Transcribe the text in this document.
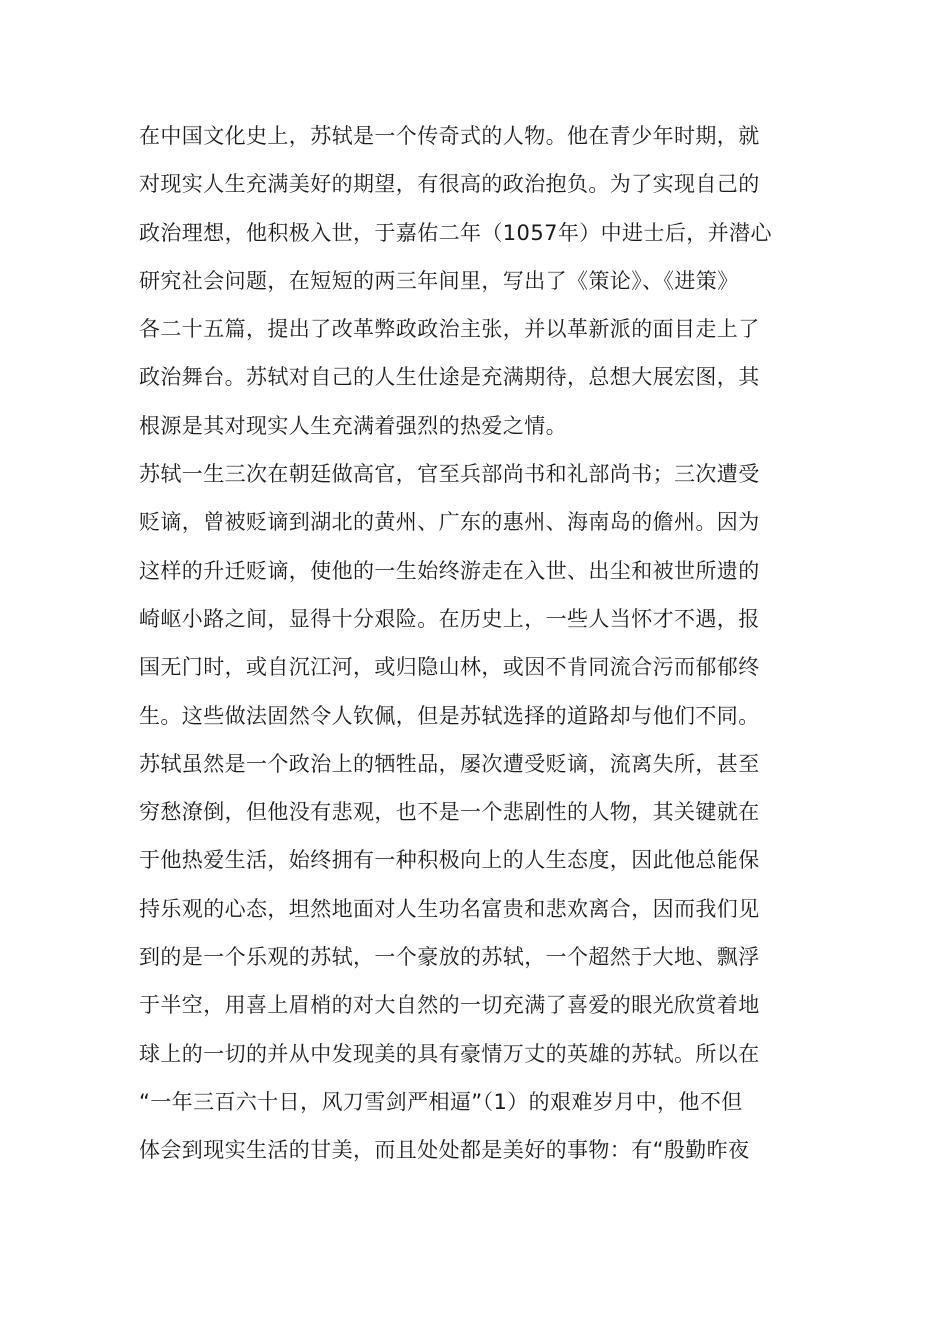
在中国文化史上，苏轼是一个传奇式的人物。他在青少年时期，就
对现实人生充满美好的期望，有很高的政治抱负。为了实现自己的
政治理想，他积极入世，于嘉佑二年（1057年）中进士后，并潜心
研究社会问题，在短短的两三年间里，写出了《策论》、《进策》
各二十五篇，提出了改革弊政政治主张，并以革新派的面目走上了
政治舞台。苏轼对自己的人生仕途是充满期待，总想大展宏图，其
根源是其对现实人生充满着强烈的热爱之情。
苏轼一生三次在朝廷做高官，官至兵部尚书和礼部尚书；三次遭受
贬谪，曾被贬谪到湖北的黄州、广东的惠州、海南岛的儋州。因为
这样的升迁贬谪，使他的一生始终游走在入世、出尘和被世所遗的
崎岖小路之间，显得十分艰险。在历史上，一些人当怀才不遇，报
国无门时，或自沉江河，或归隐山林，或因不肯同流合污而郁郁终
生。这些做法固然令人钦佩，但是苏轼选择的道路却与他们不同。
苏轼虽然是一个政治上的牺牲品，屡次遭受贬谪，流离失所，甚至
穷愁潦倒，但他没有悲观，也不是一个悲剧性的人物，其关键就在
于他热爱生活，始终拥有一种积极向上的人生态度，因此他总能保
持乐观的心态，坦然地面对人生功名富贵和悲欢离合，因而我们见
到的是一个乐观的苏轼，一个豪放的苏轼，一个超然于大地、飘浮
于半空，用喜上眉梢的对大自然的一切充满了喜爱的眼光欣赏着地
球上的一切的并从中发现美的具有豪情万丈的英雄的苏轼。所以在
“一年三百六十日，风刀雪剑严相逼”（1）的艰难岁月中，他不但
体会到现实生活的甘美，而且处处都是美好的事物：有“殷勤昨夜
